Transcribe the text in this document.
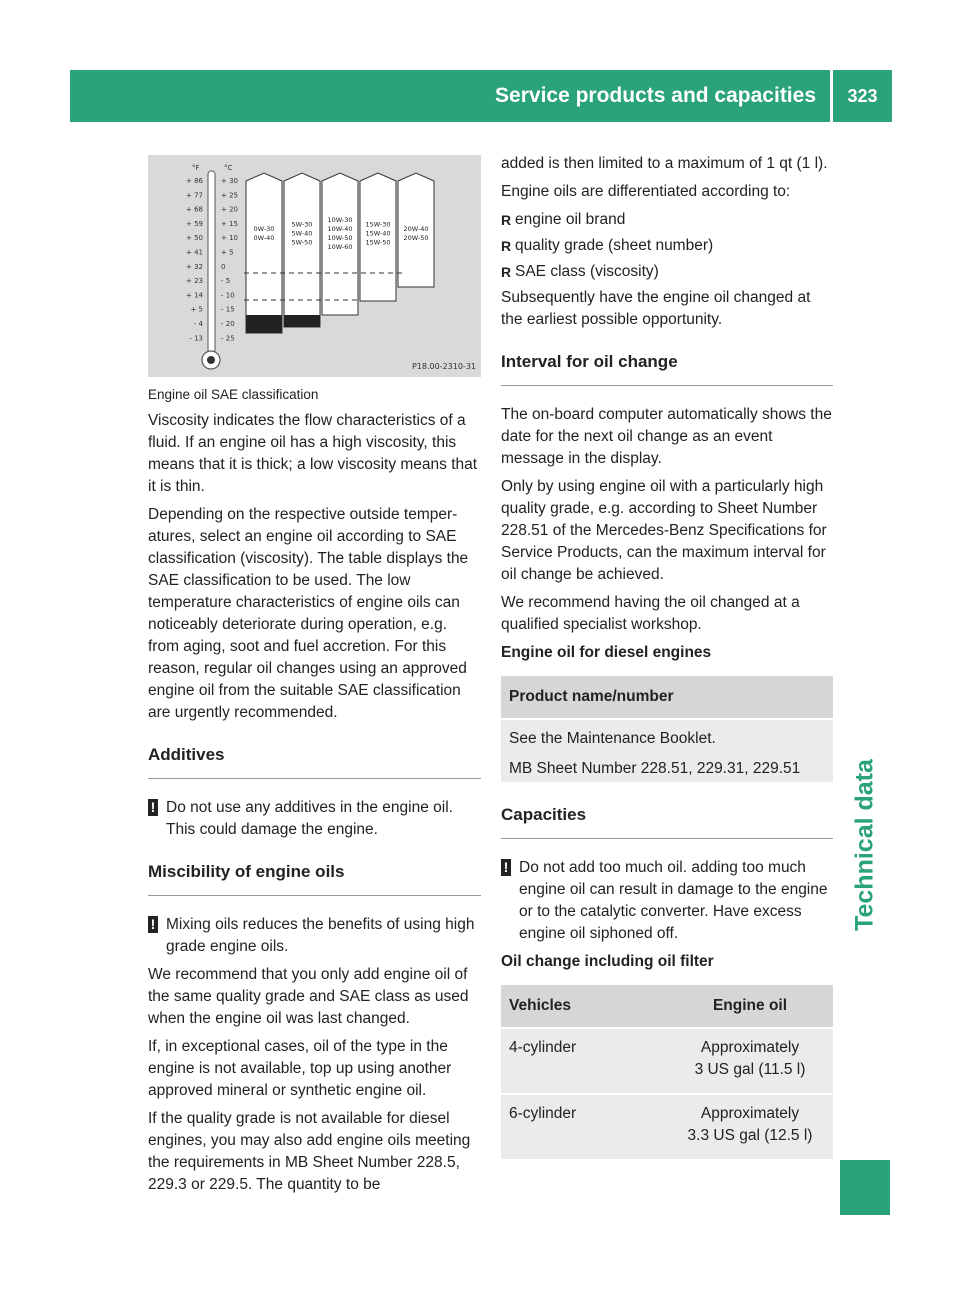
Service products and capacities	323
Technical data
°F	°C
+ 86	+ 30
+ 77	+ 25
+ 68	+ 20
+ 59	+ 15
+ 50	+ 10
+ 41	+ 5
+ 32	0
+ 23	- 5
+ 14	- 10
+ 5	- 15
- 4	- 20
- 13	- 25
0W-30
0W-40
5W-30
5W-40
5W-50
10W-30
10W-40
10W-50
10W-60
15W-30
15W-40
15W-50
20W-40
20W-50
P18.00-2310-31
Engine oil SAE classification

Viscosity indicates the flow characteristics of a fluid. If an engine oil has a high viscosity, this means that it is thick; a low viscosity means that it is thin.

Depending on the respective outside temperatures, select an engine oil according to SAE classification (viscosity). The table displays the SAE classification to be used. The low temperature characteristics of engine oils can noticeably deteriorate during operation, e.g. from aging, soot and fuel accretion. For this reason, regular oil changes using an approved engine oil from the suitable SAE classification are urgently recommended.

Additives
! Do not use any additives in the engine oil. This could damage the engine.
Miscibility of engine oils
! Mixing oils reduces the benefits of using high grade engine oils.

We recommend that you only add engine oil of the same quality grade and SAE class as used when the engine oil was last changed.

If, in exceptional cases, oil of the type in the engine is not available, top up using another approved mineral or synthetic engine oil.

If the quality grade is not available for diesel engines, you may also add engine oils meeting the requirements in MB Sheet Number 228.5, 229.3 or 229.5. The quantity to be

added is then limited to a maximum of 1 qt (1 l).

Engine oils are differentiated according to:

R engine oil brand
R quality grade (sheet number)
R SAE class (viscosity)

Subsequently have the engine oil changed at the earliest possible opportunity.

Interval for oil change

The on-board computer automatically shows the date for the next oil change as an event message in the display.

Only by using engine oil with a particularly high quality grade, e.g. according to Sheet Number 228.51 of the Mercedes-Benz Specifications for Service Products, can the maximum interval for oil change be achieved.

We recommend having the oil changed at a qualified specialist workshop.

Engine oil for diesel engines
Product name/number

See the Maintenance Booklet.
MB Sheet Number 228.51, 229.31, 229.51
Capacities
! Do not add too much oil. adding too much engine oil can result in damage to the engine or to the catalytic converter. Have excess engine oil siphoned off.
Oil change including oil filter
Vehicles	Engine oil
4-cylinder	Approximately
3 US gal (11.5 l)

6-cylinder	Approximately
3.3 US gal (12.5 l)
